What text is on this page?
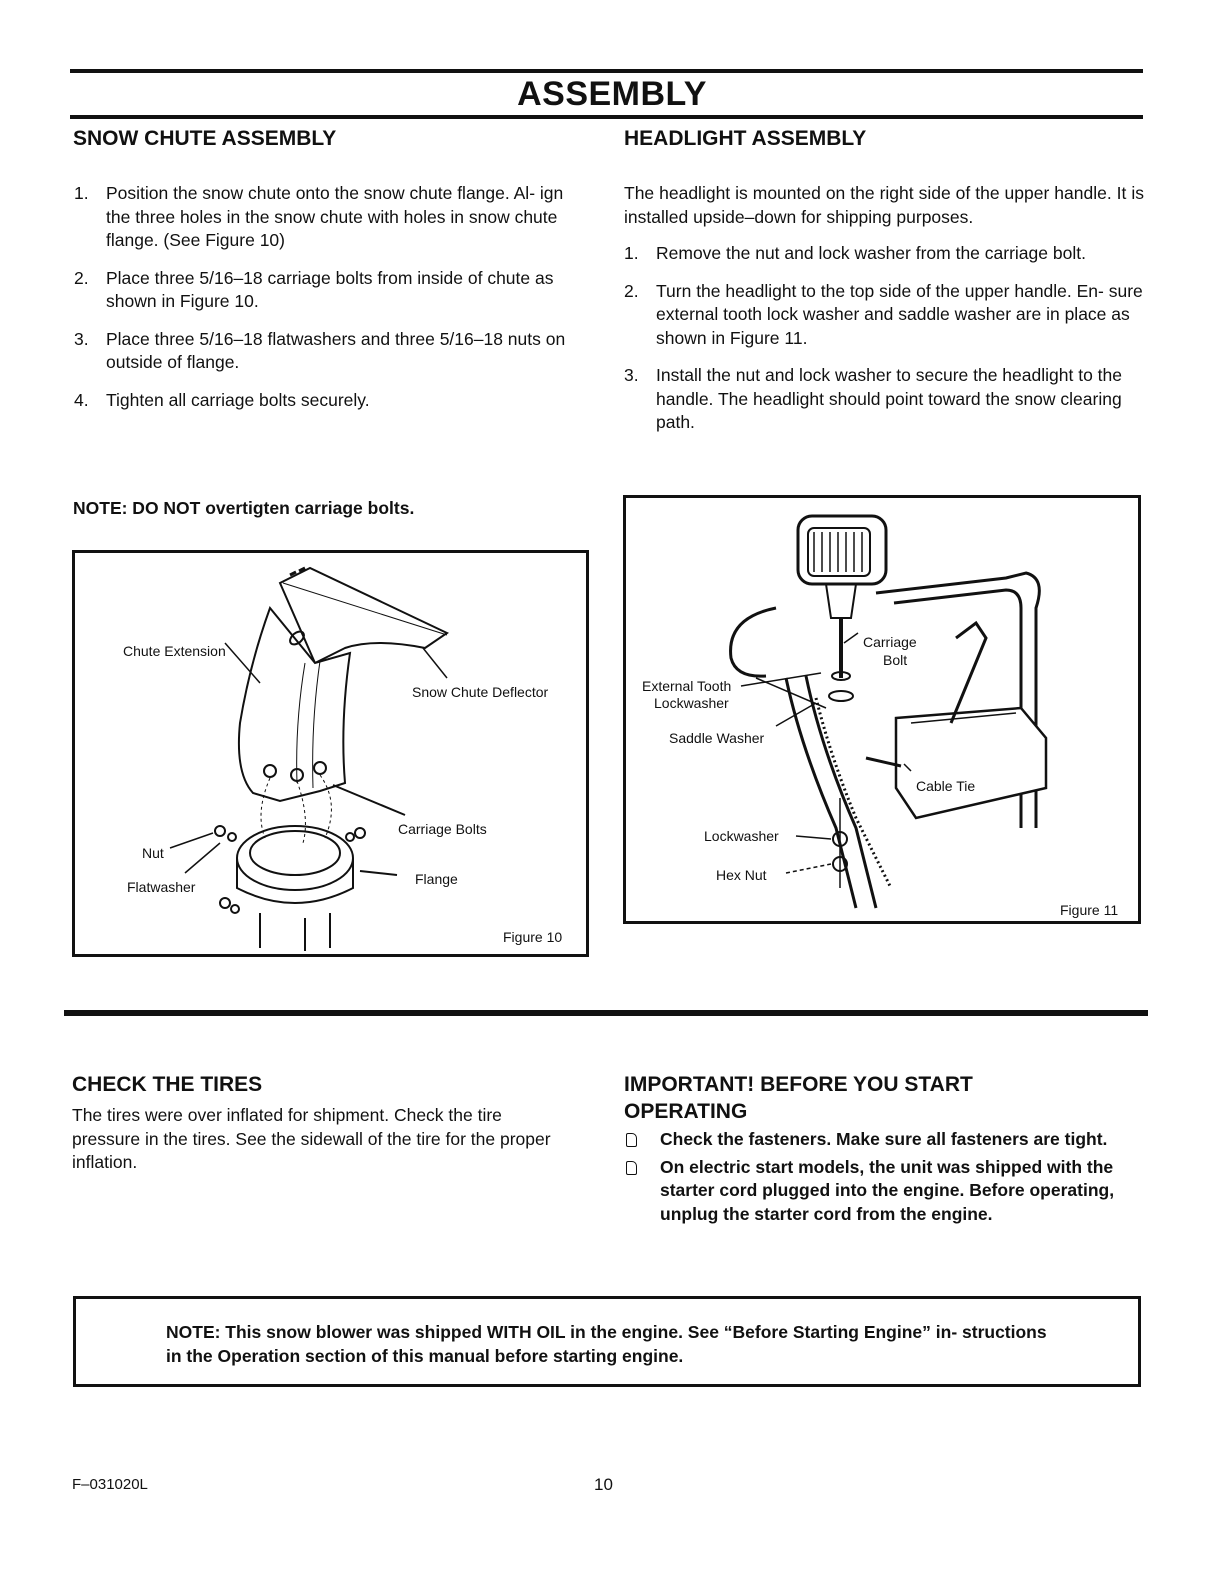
ASSEMBLY
SNOW CHUTE ASSEMBLY
1. Position the snow chute onto the snow chute flange. Al- ign the three holes in the snow chute with holes in snow chute flange. (See Figure 10)
2. Place three 5/16–18 carriage bolts from inside of chute as shown in Figure 10.
3. Place three 5/16–18 flatwashers and three 5/16–18 nuts on outside of flange.
4. Tighten all carriage bolts securely.

NOTE: DO NOT overtigten carriage bolts.

Chute Extension
Snow Chute Deflector
Carriage Bolts
Nut
Flatwasher	Flange
Figure 10
HEADLIGHT ASSEMBLY

The headlight is mounted on the right side of the upper handle. It is installed upside–down for shipping purposes.

1. Remove the nut and lock washer from the carriage bolt.
2. Turn the headlight to the top side of the upper handle. En- sure external tooth lock washer and saddle washer are in place as shown in Figure 11.
3. Install the nut and lock washer to secure the headlight to the handle. The headlight should point toward the snow clearing path.
Carriage
Bolt
External Tooth
Lockwasher
Saddle Washer
Cable Tie
Lockwasher
Hex Nut
Figure 11
CHECK THE TIRES

The tires were over inflated for shipment. Check the tire pressure in the tires. See the sidewall of the tire for the proper inflation.

IMPORTANT! BEFORE YOU START
OPERATING
Check the fasteners. Make sure all fasteners are tight.
On electric start models, the unit was shipped with the starter cord plugged into the engine. Before operating, unplug the starter cord from the engine.

NOTE: This snow blower was shipped WITH OIL in the engine. See “Before Starting Engine” in- structions in the Operation section of this manual before starting engine.

F–031020L	10
